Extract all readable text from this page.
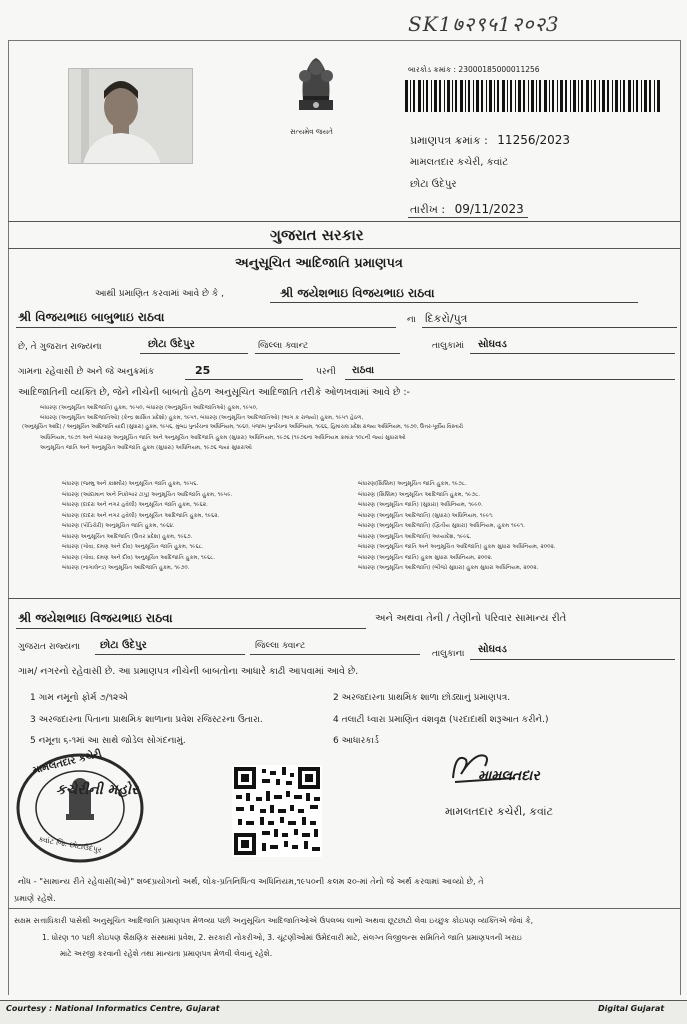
SK1७२९५1२०२3
સત્યમેવ જયતે
બારકોડ ક્રમાંક : 23000185000011256
પ્રમાણપત્ર ક્રમાંક : 11256/2023
મામલતદાર કચેરી, કવાંટ
છોટા ઉદેપુર
તારીખ : 09/11/2023
ગુજરાત સરકાર
અનુસૂચિત આદિજાતિ પ્રમાણપત્ર
આથી પ્રમાણિત કરવામાં આવે છે કે ,	શ્રી જયેશભાઇ વિજયભાઇ રાઠવા
શ્રી વિજયભાઇ બાબુભાઇ રાઠવા	ના દિકરો/પુત્ર
છે, તે ગુજરાત રાજ્યના	છોટા ઉદેપુર	જિલ્લા ક્વાન્ટ	તાલુકામાં સોઘવડ
ગામના રહેવાસી છે અને જે અનુક્રમાંક	25	પરની રાઠવા
આદિજાતિની વ્યક્તિ છે, જેને નીચેની બાબતો હેઠળ અનુસૂચિત આદિજાતિ તરીકે ઓળખવામાં આવે છે :-
બંધારણ (અનુસૂચિત આદિજાતિ) હુકમ, ૧૯૫૦, બંધારણ (અનુસૂચિત આદિજાતિઓ) હુકમ, ૧૯૫૦,
બંધારણ (અનુસૂચિત આદિજાતિઓ) (કેન્દ્ર શાસિત પ્રદેશો) હુકમ, ૧૯૫૧, બંધારણ (અનુસૂચિત આદિજાતિઓ) (ભાગ ક રાજ્યો) હુકમ, ૧૯૫૧ હેઠળ,
(અનુસૂચિત આદિ) / અનુસૂચિત આદિજાતિ યાદી (સુધારા) હુકમ, ૧૯૫૬, મુંબઇ પુનર્રચના અધિનિયમ, ૧૯૬૦, પંજાબ પુનર્રચના અધિનિયમ, ૧૯૬૬, હિમાચલ પ્રદેશ રાજ્ય અધિનિયમ, ૧૯૭૦, ઉત્તર-પૂર્વીય વિસ્તારો
અધિનિયમ, ૧૯૭૧ અને બંધારણ અનુસૂચિત જાતિ અને અનુસૂચિત આદિજાતિ હુકમ (સુધારા) અધિનિયમ, ૧૯૭૬ (૧૯૭૬ના અધિનિયમ ક્રમાંક ૧૦૮ની જ્યાં સુધારાઓ
અનુસૂચિત જાતિ અને અનુસૂચિત આદિજાતિ હુકમ (સુધારા) અધિનિયમ, ૧૯૭૬ જ્યાં સુધારાઓ
બંધારણ (જમ્મુ અને કાશ્મીર) અનુસૂચિત જાતિ હુકમ, ૧૯૫૬.
બંધારણ (આંદામાન અને નિકોબાર ટાપુ) અનુસૂચિત આદિજાતિ હુકમ, ૧૯૫૯.
બંધારણ (દાદરા અને નગર હવેલી) અનુસૂચિત જાતિ હુકમ, ૧૯૬૨.
બંધારણ (દાદરા અને નગર હવેલી) અનુસૂચિત આદિજાતિ હુકમ, ૧૯૬૨.
બંધારણ (પોંડિચેરી) અનુસૂચિત જાતિ હુકમ, ૧૯૬૪.
બંધારણ અનુસૂચિત આદિજાતિ (ઉત્તર પ્રદેશ) હુકમ, ૧૯૬૭.
બંધારણ (ગોવા, દમણ અને દીવ) અનુસૂચિત જાતિ હુકમ, ૧૯૬૮.
બંધારણ (ગોવા, દમણ અને દીવ) અનુસૂચિત આદિજાતિ હુકમ, ૧૯૬૮.
બંધારણ (નાગાલેન્ડ) અનુસૂચિત આદિજાતિ હુકમ, ૧૯૭૦.
બંધારણ(સિક્કિમ) અનુસૂચિત જાતિ હુકમ, ૧૯૭૮.
બંધારણ (સિક્કિમ) અનુસૂચિત આદિજાતિ હુકમ, ૧૯૭૮.
બંધારણ (અનુસૂચિત જાતિ) (સુધારા) અધિનિયમ, ૧૯૯૦.
બંધારણ (અનુસૂચિત આદિજાતિ) (સુધારા) અધિનિયમ, ૧૯૯૧.
બંધારણ (અનુસૂચિત આદિજાતિ) (દ્વિતીય સુધારા) અધિનિયમ, હુકમ ૧૯૯૧.
બંધારણ (અનુસૂચિત આદિજાતિ) અધ્યાદેશ, ૧૯૯૬.
બંધારણ (અનુસૂચિત જાતિ અને અનુસૂચિત આદિજાતિ) હુકમ સુધારા અધિનિયમ, ૨૦૦૨.
બંધારણ (અનુસૂચિત જાતિ) હુકમ સુધારા અધિનિયમ, ૨૦૦૨.
બંધારણ (અનુસૂચિત આદિજાતિ) (બીજો સુધારા) હુકમ સુધારા અધિનિયમ, ૨૦૦૨.
શ્રી જયેશભાઇ વિજયભાઇ રાઠવા	અને અથવા તેની / તેણીનો પરિવાર સામાન્ય રીતે
ગુજરાત રાજ્યના છોટા ઉદેપુર	જિલ્લા ક્વાન્ટ
તાલુકાના સોઘવડ
ગામ/ નગરનો રહેવાસી છે. આ પ્રમાણપત્ર નીચેની બાબતોના આધારે કાઢી આપવામાં આવે છે.
1 ગામ નમૂનો ફોર્મ ૭/૧૨એ	2 અરજદારના પ્રાથમિક શાળા છોડ્યાનું પ્રમાણપત્ર.
3 અરજદારના પિતાના પ્રાથમિક શાળાના પ્રવેશ રજિસ્ટરના ઉતારા.	4 તલાટી ધ્વારા પ્રમાણિત વંશવૃક્ષ (પરદાદાથી શરૂઆત કરીને.)
5 નમૂના ૬-૧માં આ સાથે જોડેલ સોગંદનામું.	6 આધારકાર્ડ
મામલતદાર કચેરી
કચેરીની મહોર
ક્વાંટ જિ. છોટાઉદેપુર
મામલતદાર
મામલતદાર કચેરી, કવાંટ
નોંધ - "સામાન્ય રીતે રહેવાસી(ઓ)" શબ્દપ્રયોગનો અર્થ, લોક-પ્રતિનિધિત્વ અધિનિયમ,૧૯૫૦ની કલમ ૨૦-માં તેનો જે અર્થ કરવામાં આવ્યો છે, તે
પ્રમાણે રહેશે.
સક્ષમ સત્તાધિકારી પાસેથી અનુસૂચિત આદિજાતિ પ્રમાણપત્ર મેળવ્યા પછી અનુસૂચિત આદિજાતિઓએ ઉપલબ્ધ લાભો અથવા છૂટછાટો લેવા ઇચ્છુક કોઇપણ વ્યક્તિએ જેવાં કે,
1. ધોરણ ૧૦ પછી કોઇપણ શૈક્ષણિક સંસ્થામાં પ્રવેશ, 2. સરકારી નોકરીઓ, 3. ચૂંટણીઓમાં ઉમેદવારી માટે, સંલગ્ન વિજીલન્સ સમિતિને જાતિ પ્રમાણપત્રની ખરાઇ
માટે અરજી કરવાની રહેશે તથા માન્યતા પ્રમાણપત્ર મેળવી લેવાનું રહેશે.
Courtesy : National Informatics Centre, Gujarat	Digital Gujarat
